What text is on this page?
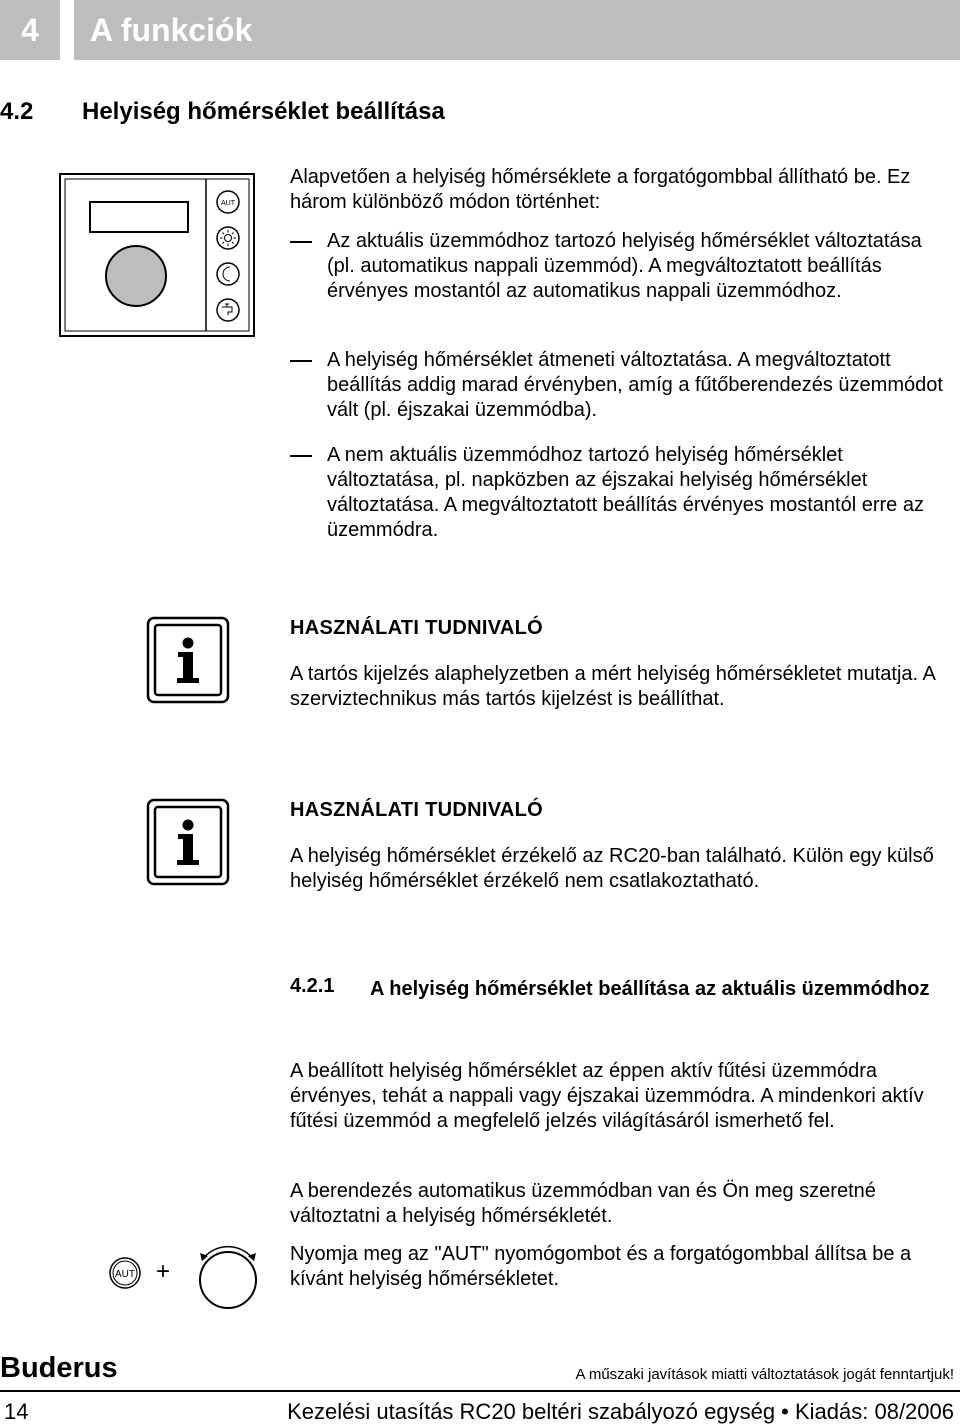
4	A funkciók
4.2 Helyiség hőmérséklet beállítása
AUT
Alapvetően a helyiség hőmérséklete a forgatógombbal állítható be. Ez három különböző módon történhet:
Az aktuális üzemmódhoz tartozó helyiség hőmérséklet változtatása (pl. automatikus nappali üzemmód). A megváltoztatott beállítás érvényes mostantól az automatikus nappali üzemmódhoz.
A helyiség hőmérséklet átmeneti változtatása. A megváltoztatott beállítás addig marad érvényben, amíg a fűtőberendezés üzemmódot vált (pl. éjszakai üzemmódba).
A nem aktuális üzemmódhoz tartozó helyiség hőmérséklet változtatása, pl. napközben az éjszakai helyiség hőmérséklet változtatása. A megváltoztatott beállítás érvényes mostantól erre az üzemmódra.
HASZNÁLATI TUDNIVALÓ
A tartós kijelzés alaphelyzetben a mért helyiség hőmérsékletet mutatja. A szerviztechnikus más tartós kijelzést is beállíthat.
HASZNÁLATI TUDNIVALÓ
A helyiség hőmérséklet érzékelő az RC20-ban található. Külön egy külső helyiség hőmérséklet érzékelő nem csatlakoztatható.
4.2.1 A helyiség hőmérséklet beállítása az aktuális üzemmódhoz
A beállított helyiség hőmérséklet az éppen aktív fűtési üzemmódra érvényes, tehát a nappali vagy éjszakai üzemmódra. A mindenkori aktív fűtési üzemmód a megfelelő jelzés világításáról ismerhető fel.
A berendezés automatikus üzemmódban van és Ön meg szeretné változtatni a helyiség hőmérsékletét.
Nyomja meg az "AUT" nyomógombot és a forgatógombbal állítsa be a kívánt helyiség hőmérsékletet.
AUT +
Buderus	A műszaki javítások miatti változtatások jogát fenntartjuk!
14	Kezelési utasítás RC20 beltéri szabályozó egység • Kiadás: 08/2006
